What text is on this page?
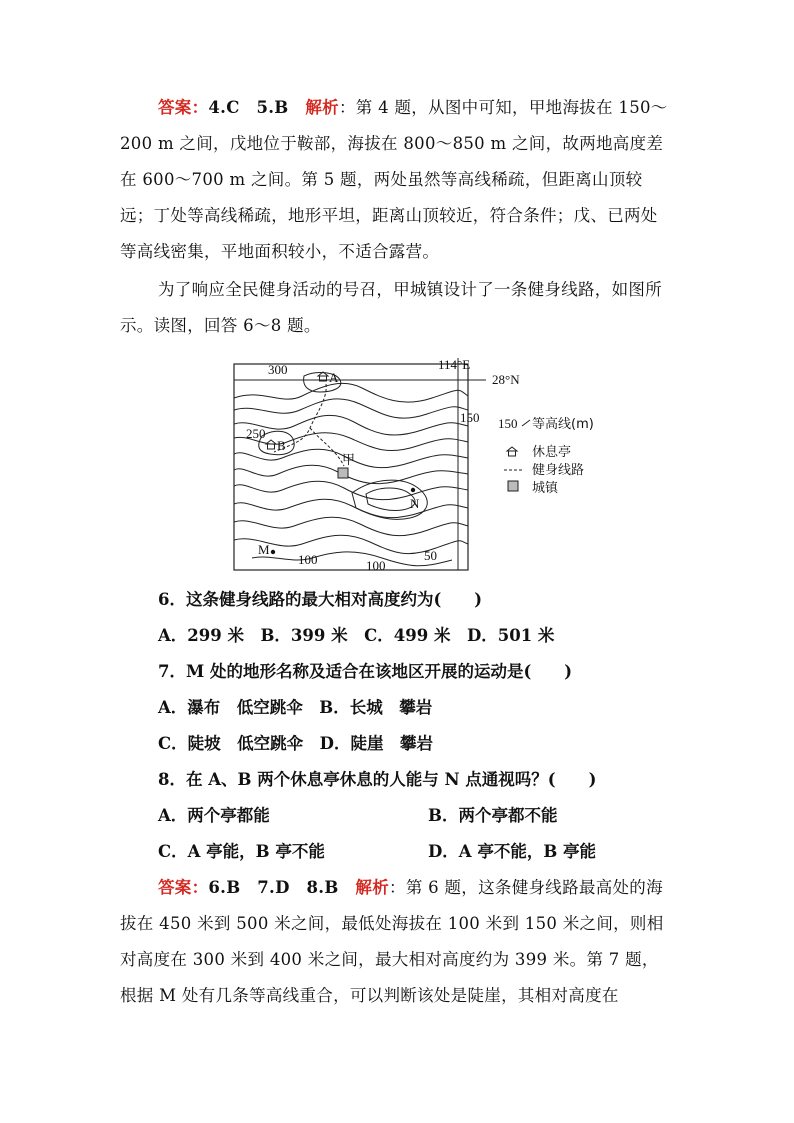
答案：4.C　5.B　 解析：第 4 题，从图中可知，甲地海拔在 150～200 m 之间，戊地位于鞍部，海拔在 800～850 m 之间，故两地高度差在 600～700 m 之间。第 5 题，两处虽然等高线稀疏，但距离山顶较远；丁处等高线稀疏，地形平坦，距离山顶较近，符合条件；戊、已两处等高线密集，平地面积较小，不适合露营。
为了响应全民健身活动的号召，甲城镇设计了一条健身线路，如图所示。读图，回答 6～8 题。
114°E
28°N
300
250
150
100	100
50
A
B
甲
N
M
150 等高线(m)
休息亭
健身线路
城镇
6．这条健身线路的最大相对高度约为(　　)
A．299 米　B．399 米　C．499 米　D．501 米
7．M 处的地形名称及适合在该地区开展的运动是(　　)
A．瀑布　低空跳伞　B．长城　攀岩
C．陡坡　低空跳伞　D．陡崖　攀岩
8．在 A、B 两个休息亭休息的人能与 N 点通视吗？(　　)
A．两个亭都能	B．两个亭都不能
C．A 亭能，B 亭不能	D．A 亭不能，B 亭能
答案：6.B　7.D　8.B　 解析：第 6 题，这条健身线路最高处的海拔在 450 米到 500 米之间，最低处海拔在 100 米到 150 米之间，则相对高度在 300 米到 400 米之间，最大相对高度约为 399 米。第 7 题，根据 M 处有几条等高线重合，可以判断该处是陡崖，其相对高度在
